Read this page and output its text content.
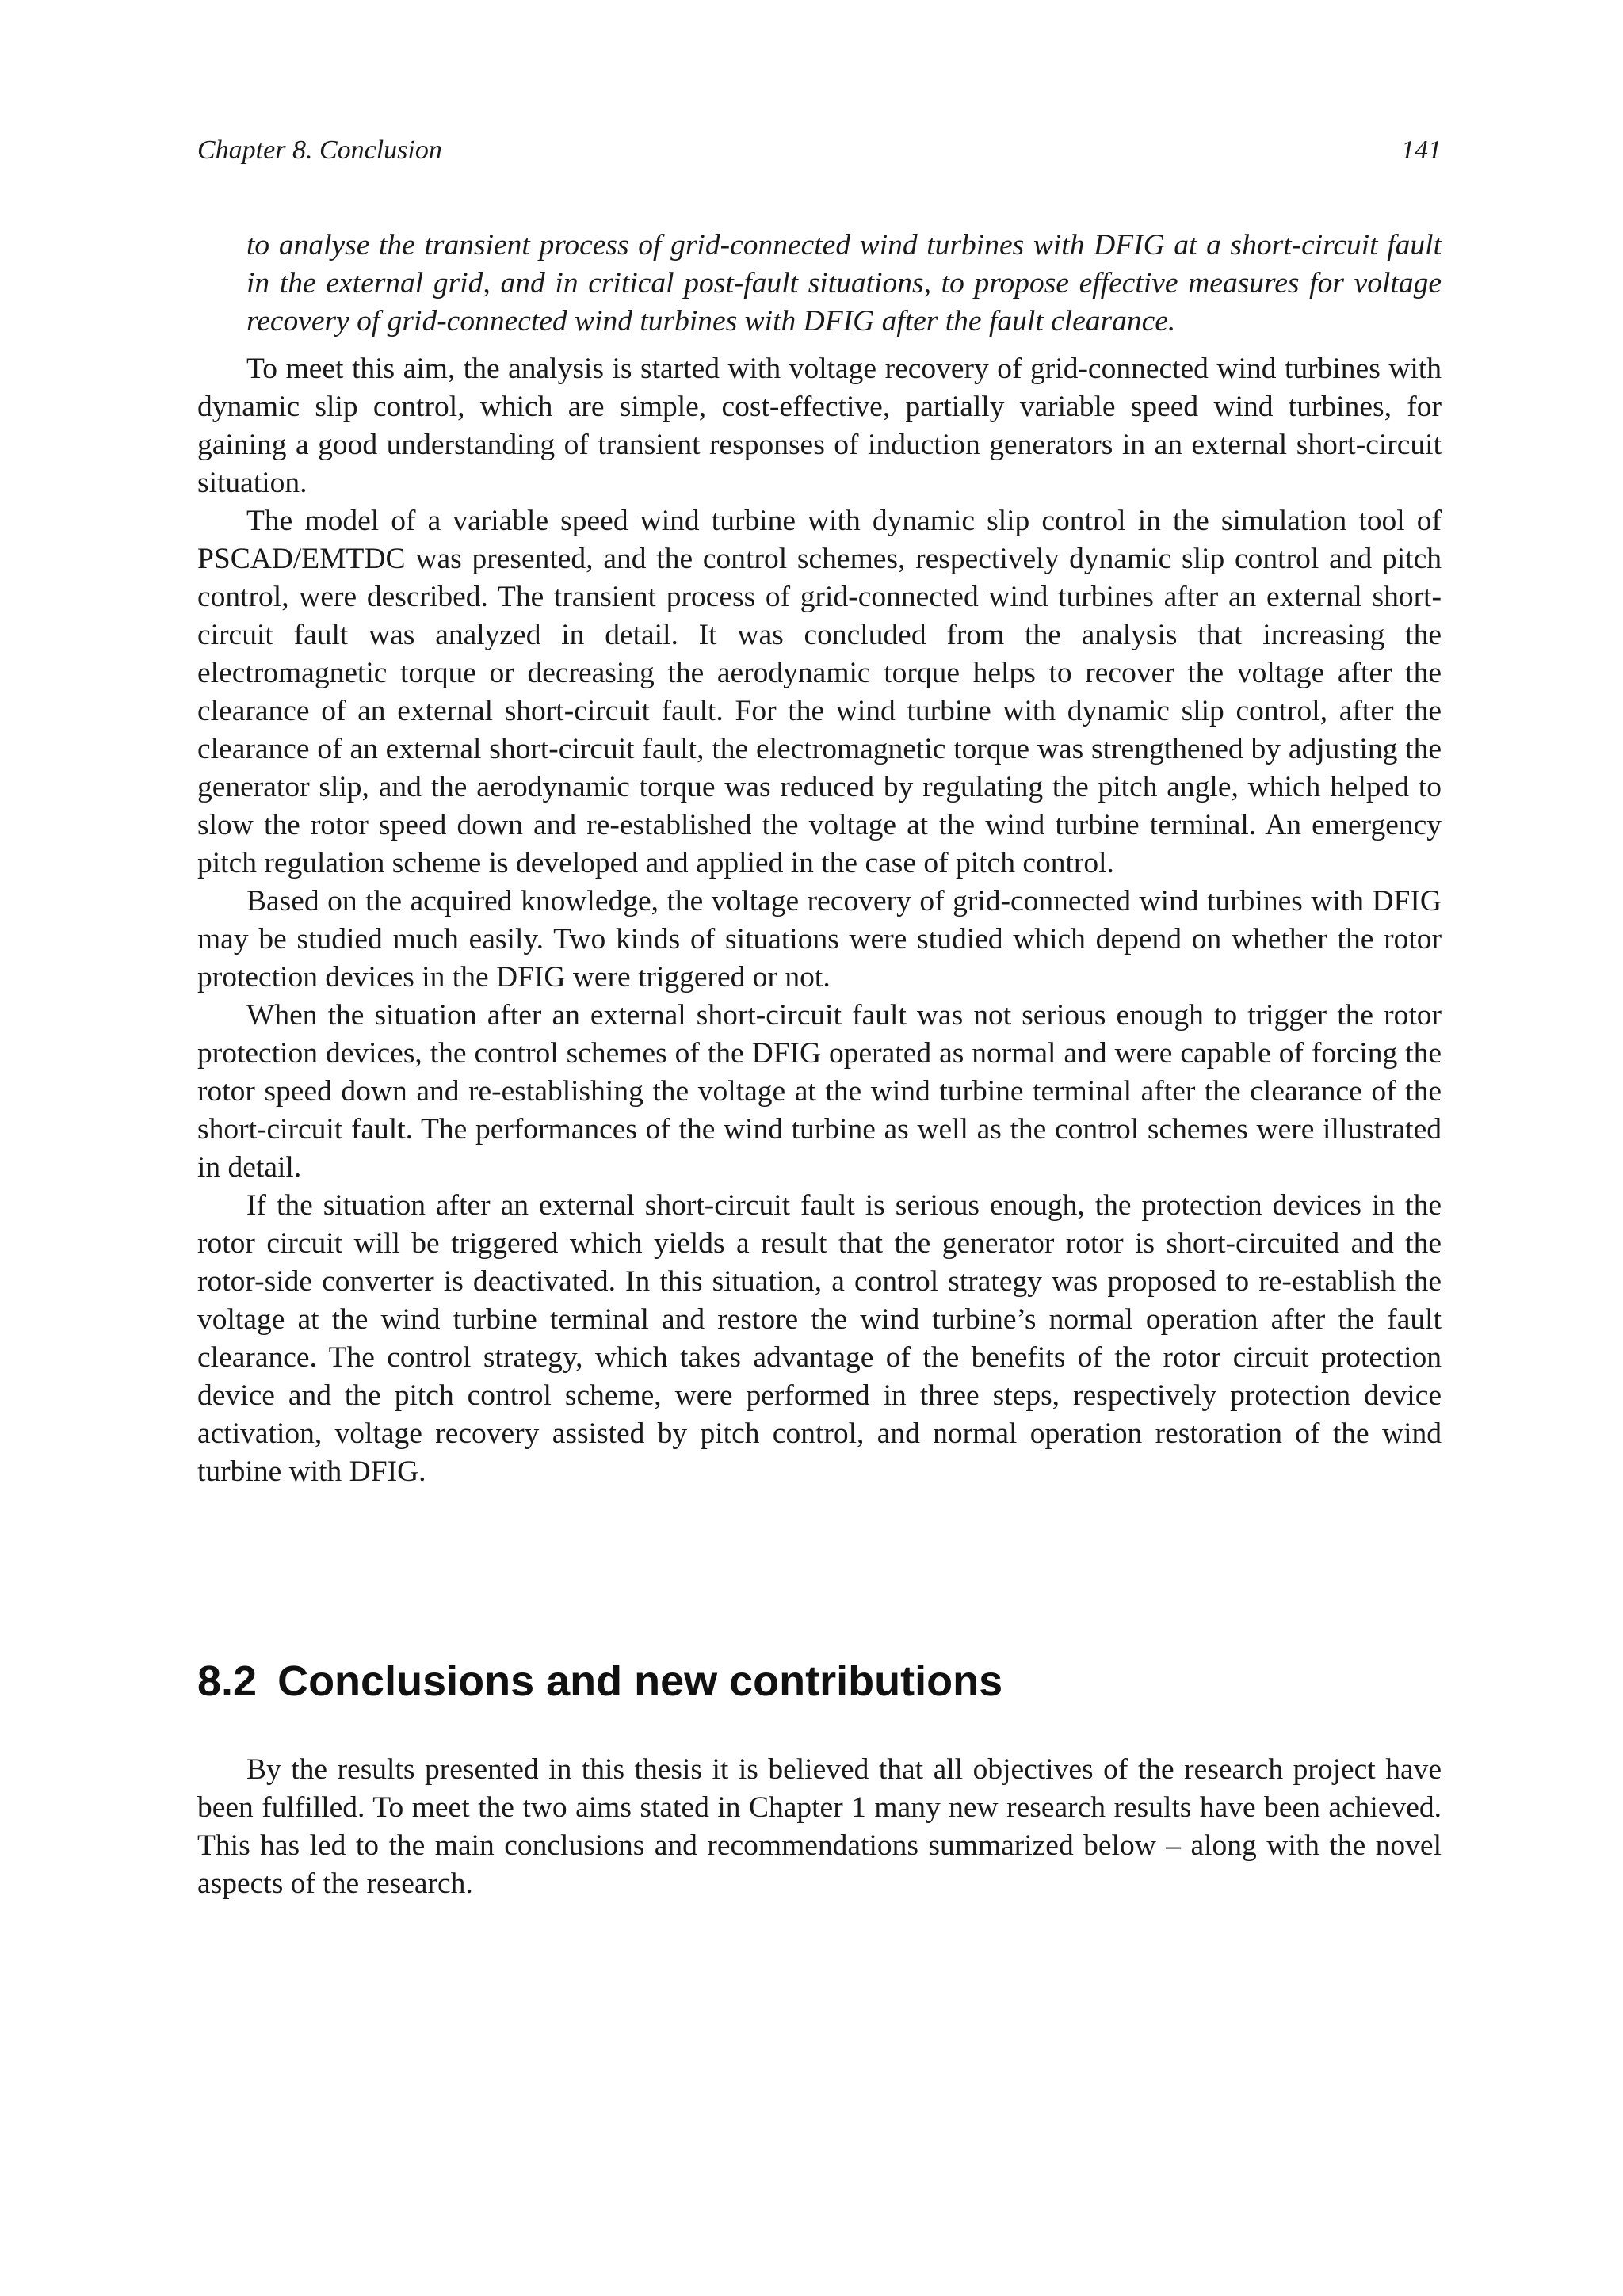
Chapter 8. Conclusion	141

to analyse the transient process of grid-connected wind turbines with DFIG at a short-circuit fault in the external grid, and in critical post-fault situations, to propose effective measures for voltage recovery of grid-connected wind turbines with DFIG after the fault clearance.

To meet this aim, the analysis is started with voltage recovery of grid-connected wind turbines with dynamic slip control, which are simple, cost-effective, partially variable speed wind turbines, for gaining a good understanding of transient responses of induction generators in an external short-circuit situation.

The model of a variable speed wind turbine with dynamic slip control in the simulation tool of PSCAD/EMTDC was presented, and the control schemes, respectively dynamic slip control and pitch control, were described. The transient process of grid-connected wind turbines after an external short-circuit fault was analyzed in detail. It was concluded from the analysis that increasing the electromagnetic torque or decreasing the aerodynamic torque helps to recover the voltage after the clearance of an external short-circuit fault. For the wind turbine with dynamic slip control, after the clearance of an external short-circuit fault, the electromagnetic torque was strengthened by adjusting the generator slip, and the aerodynamic torque was reduced by regulating the pitch angle, which helped to slow the rotor speed down and re-established the voltage at the wind turbine terminal. An emergency pitch regulation scheme is developed and applied in the case of pitch control.

Based on the acquired knowledge, the voltage recovery of grid-connected wind turbines with DFIG may be studied much easily. Two kinds of situations were studied which depend on whether the rotor protection devices in the DFIG were triggered or not.

When the situation after an external short-circuit fault was not serious enough to trigger the rotor protection devices, the control schemes of the DFIG operated as normal and were capable of forcing the rotor speed down and re-establishing the voltage at the wind turbine terminal after the clearance of the short-circuit fault. The performances of the wind turbine as well as the control schemes were illustrated in detail.

If the situation after an external short-circuit fault is serious enough, the protection devices in the rotor circuit will be triggered which yields a result that the generator rotor is short-circuited and the rotor-side converter is deactivated. In this situation, a control strategy was proposed to re-establish the voltage at the wind turbine terminal and restore the wind turbine’s normal operation after the fault clearance. The control strategy, which takes advantage of the benefits of the rotor circuit protection device and the pitch control scheme, were performed in three steps, respectively protection device activation, voltage recovery assisted by pitch control, and normal operation restoration of the wind turbine with DFIG.

8.2 Conclusions and new contributions

By the results presented in this thesis it is believed that all objectives of the research project have been fulfilled. To meet the two aims stated in Chapter 1 many new research results have been achieved. This has led to the main conclusions and recommendations summarized below – along with the novel aspects of the research.
